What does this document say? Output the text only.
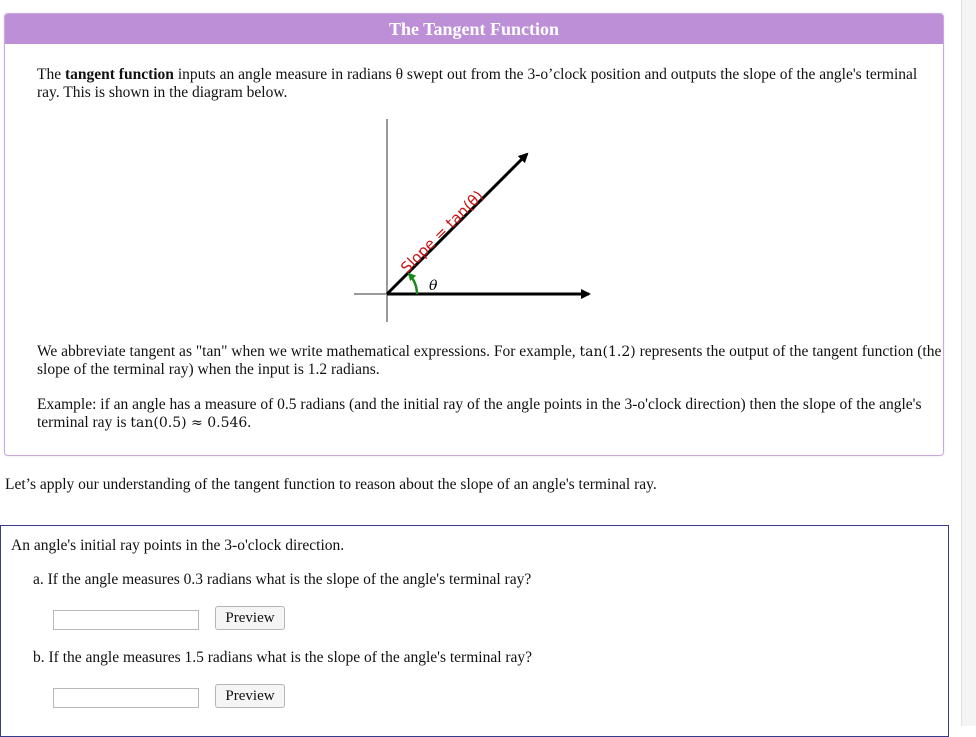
The Tangent Function
The tangent function inputs an angle measure in radians θ swept out from the 3-o’clock position and outputs the slope of the angle's terminal ray. This is shown in the diagram below.
θ
Slope = tan(θ)
We abbreviate tangent as "tan" when we write mathematical expressions. For example, tan(1.2) represents the output of the tangent function (the slope of the terminal ray) when the input is 1.2 radians.
Example: if an angle has a measure of 0.5 radians (and the initial ray of the angle points in the 3-o'clock direction) then the slope of the angle's terminal ray is tan(0.5) ≈ 0.546.
Let’s apply our understanding of the tangent function to reason about the slope of an angle's terminal ray.
An angle's initial ray points in the 3-o'clock direction.
a. If the angle measures 0.3 radians what is the slope of the angle's terminal ray?
Preview
b. If the angle measures 1.5 radians what is the slope of the angle's terminal ray?
Preview
